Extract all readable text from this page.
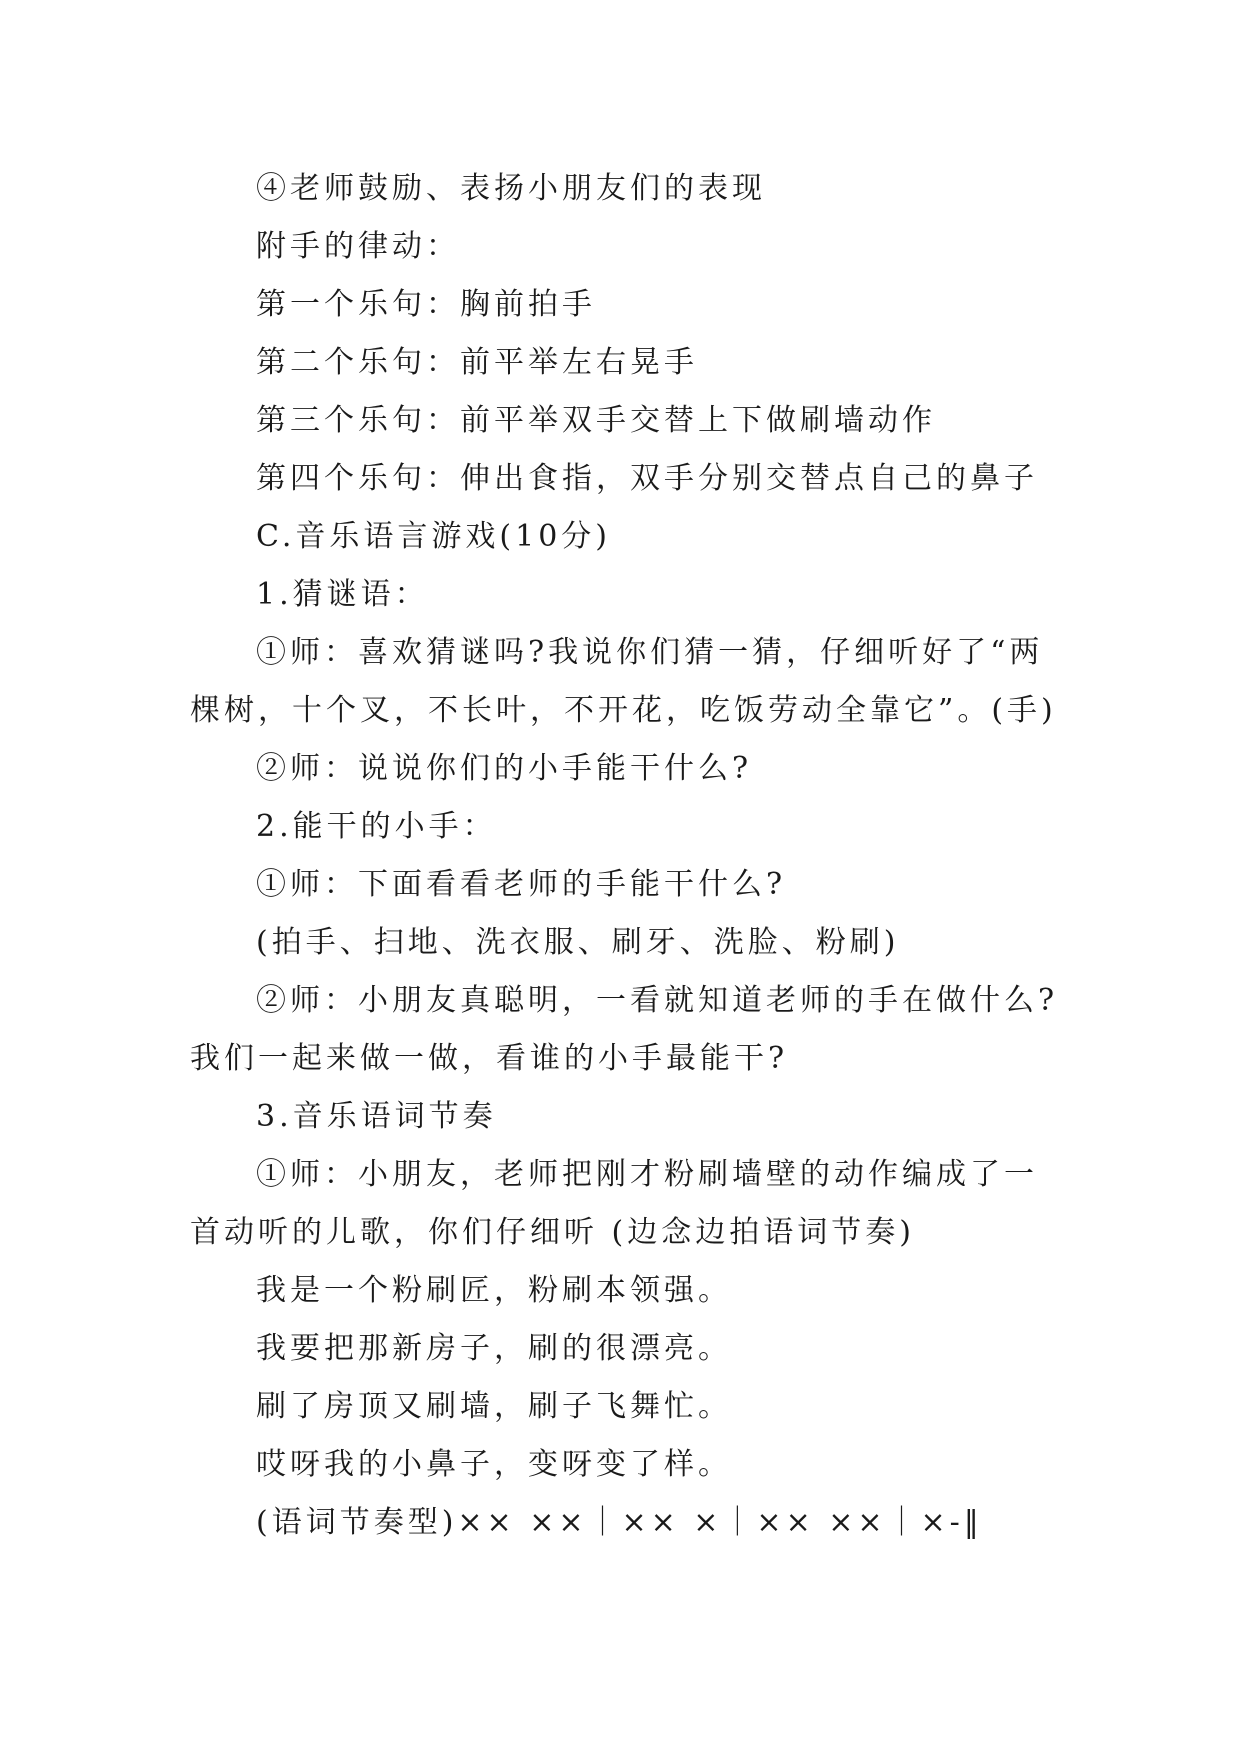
④老师鼓励、表扬小朋友们的表现

附手的律动：

第一个乐句：胸前拍手

第二个乐句：前平举左右晃手

第三个乐句：前平举双手交替上下做刷墙动作

第四个乐句：伸出食指，双手分别交替点自己的鼻子

C.音乐语言游戏(10分)

1.猜谜语：

①师：喜欢猜谜吗?我说你们猜一猜，仔细听好了“两棵树，十个叉，不长叶，不开花，吃饭劳动全靠它”。(手)

②师：说说你们的小手能干什么?

2.能干的小手：

①师：下面看看老师的手能干什么?

(拍手、扫地、洗衣服、刷牙、洗脸、粉刷)

②师：小朋友真聪明，一看就知道老师的手在做什么?我们一起来做一做，看谁的小手最能干?

3.音乐语词节奏

①师：小朋友，老师把刚才粉刷墙壁的动作编成了一首动听的儿歌，你们仔细听 (边念边拍语词节奏)

我是一个粉刷匠，粉刷本领强。

我要把那新房子，刷的很漂亮。

刷了房顶又刷墙，刷子飞舞忙。

哎呀我的小鼻子，变呀变了样。

(语词节奏型)×× ××｜×× ×｜×× ××｜×-‖
